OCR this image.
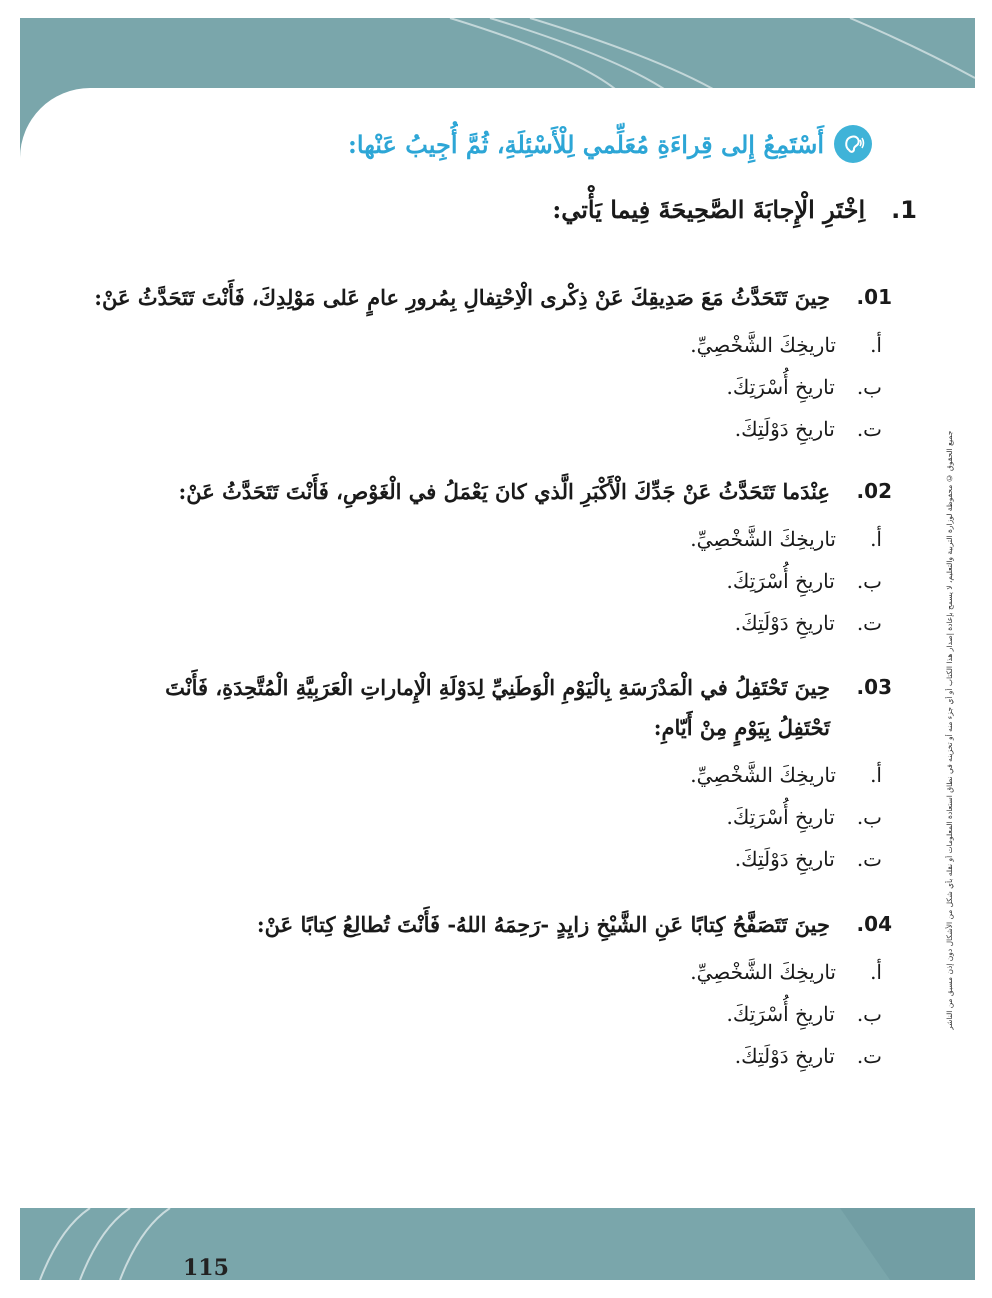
أَسْتَمِعُ إِلى قِراءَةِ مُعَلِّمي لِلْأَسْئِلَةِ، ثُمَّ أُجِيبُ عَنْها:
1.
اِخْتَرِ الْإِجابَةَ الصَّحِيحَةَ فِيما يَأْتي:
01.
حِينَ تَتَحَدَّثُ مَعَ صَدِيقِكَ عَنْ ذِكْرى الْاِحْتِفالِ بِمُرورِ عامٍ عَلى مَوْلِدِكَ، فَأَنْتَ تَتَحَدَّثُ عَنْ:
أ.
تاريخِكَ الشَّخْصِيِّ.
ب.
تاريخِ أُسْرَتِكَ.
ت.
تاريخِ دَوْلَتِكَ.
02.
عِنْدَما تَتَحَدَّثُ عَنْ جَدِّكَ الْأَكْبَرِ الَّذي كانَ يَعْمَلُ في الْغَوْصِ، فَأَنْتَ تَتَحَدَّثُ عَنْ:
أ.
تاريخِكَ الشَّخْصِيِّ.
ب.
تاريخِ أُسْرَتِكَ.
ت.
تاريخِ دَوْلَتِكَ.
03.
حِينَ تَحْتَفِلُ في الْمَدْرَسَةِ بِالْيَوْمِ الْوَطَنِيِّ لِدَوْلَةِ الْإِماراتِ الْعَرَبِيَّةِ الْمُتَّحِدَةِ، فَأَنْتَ تَحْتَفِلُ بِيَوْمٍ مِنْ أَيّامِ:
أ.
تاريخِكَ الشَّخْصِيِّ.
ب.
تاريخِ أُسْرَتِكَ.
ت.
تاريخِ دَوْلَتِكَ.
04.
حِينَ تَتَصَفَّحُ كِتابًا عَنِ الشَّيْخِ زايِدٍ -رَحِمَهُ اللهُ- فَأَنْتَ تُطالِعُ كِتابًا عَنْ:
أ.
تاريخِكَ الشَّخْصِيِّ.
ب.
تاريخِ أُسْرَتِكَ.
ت.
تاريخِ دَوْلَتِكَ.
جميع الحقوق © محفوظة لوزارة التربية والتعليم، لا يسمح بإعادة إصدار هذا الكتاب أو أي جزء منه أو تخزينه في نطاق استعادة المعلومات أو نقله بأي شكل من الأشكال دون إذن مسبق من الناشر
115
